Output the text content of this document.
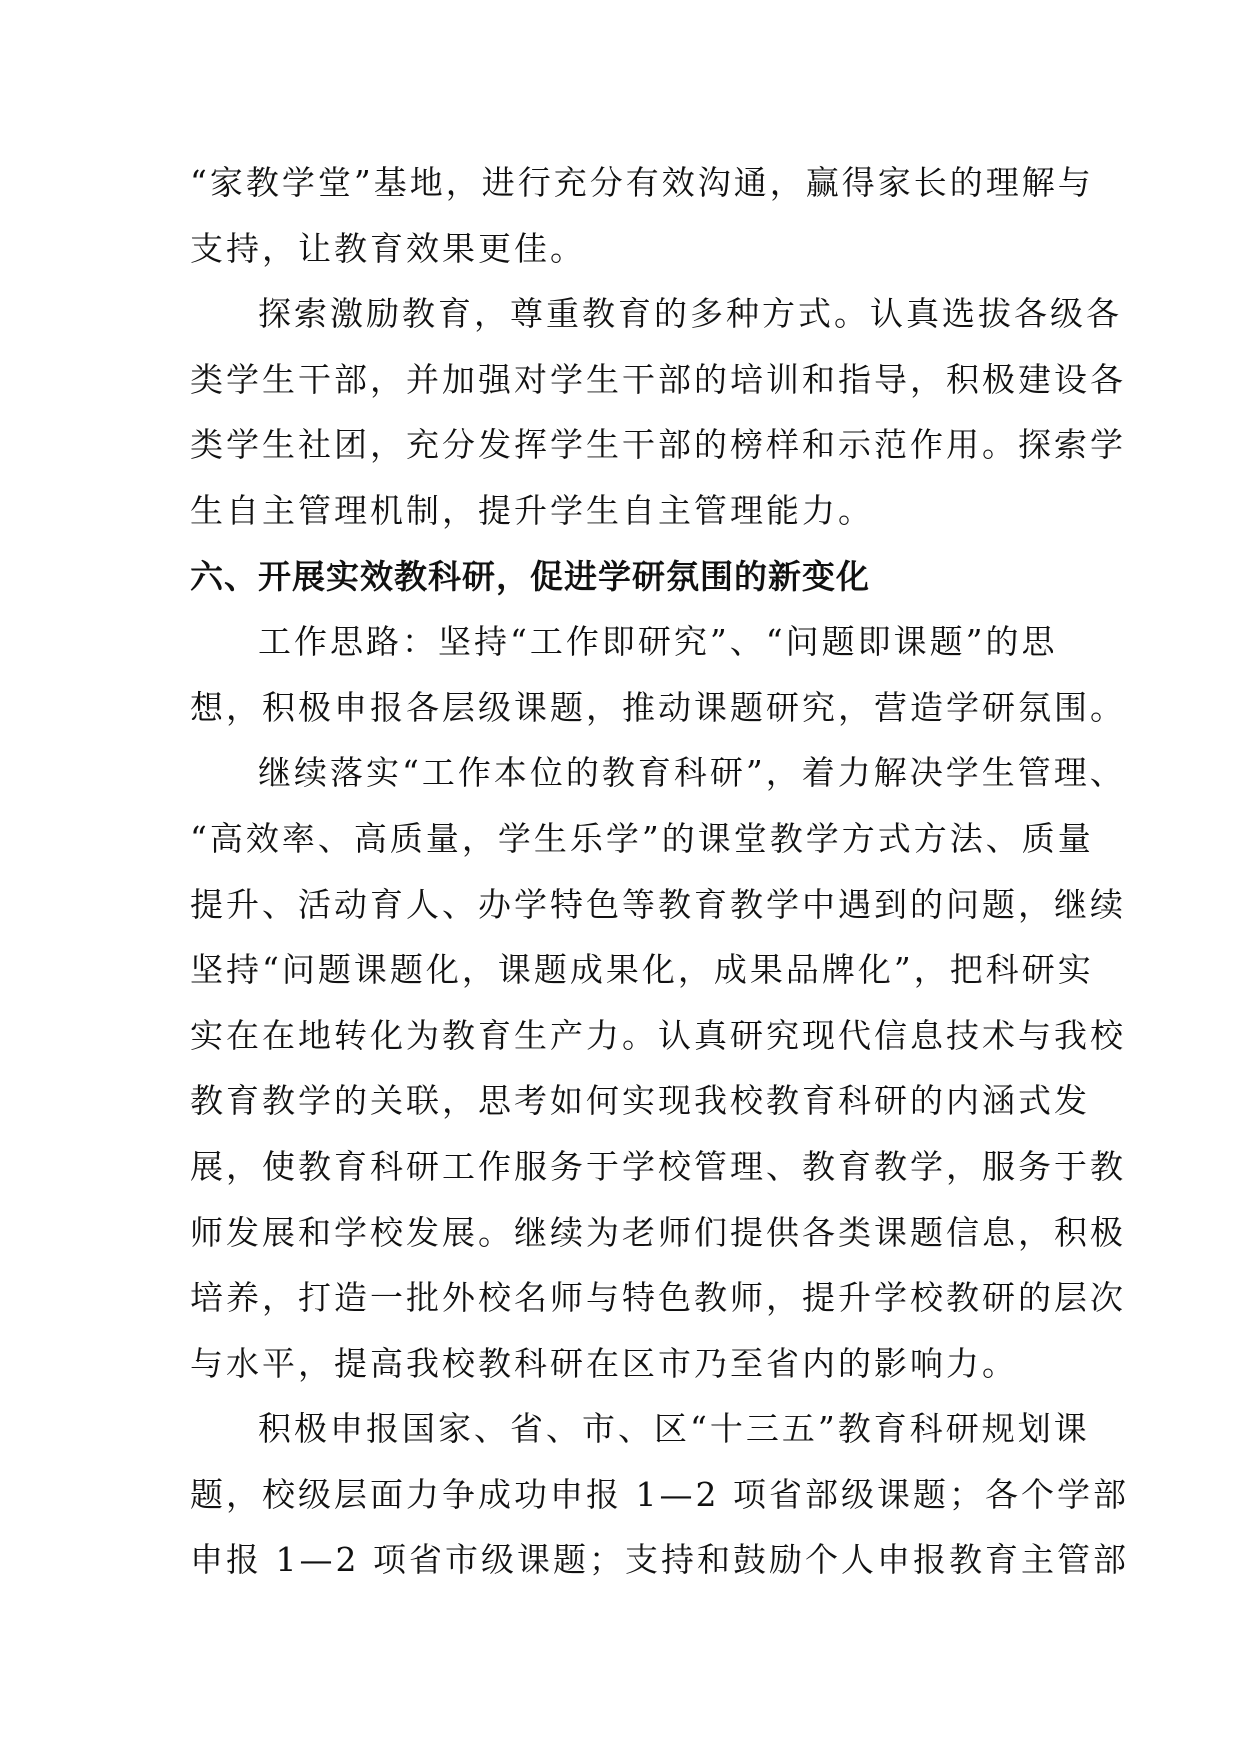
“家教学堂”基地，进行充分有效沟通，赢得家长的理解与
支持，让教育效果更佳。

探索激励教育，尊重教育的多种方式。认真选拔各级各
类学生干部，并加强对学生干部的培训和指导，积极建设各
类学生社团，充分发挥学生干部的榜样和示范作用。探索学
生自主管理机制，提升学生自主管理能力。

六、开展实效教科研，促进学研氛围的新变化

工作思路：坚持“工作即研究”、“问题即课题”的思
想，积极申报各层级课题，推动课题研究，营造学研氛围。

继续落实“工作本位的教育科研”，着力解决学生管理、
“高效率、高质量，学生乐学”的课堂教学方式方法、质量
提升、活动育人、办学特色等教育教学中遇到的问题，继续
坚持“问题课题化，课题成果化，成果品牌化”，把科研实
实在在地转化为教育生产力。认真研究现代信息技术与我校
教育教学的关联，思考如何实现我校教育科研的内涵式发
展，使教育科研工作服务于学校管理、教育教学，服务于教
师发展和学校发展。继续为老师们提供各类课题信息，积极
培养，打造一批外校名师与特色教师，提升学校教研的层次
与水平，提高我校教科研在区市乃至省内的影响力。

积极申报国家、省、市、区“十三五”教育科研规划课
题，校级层面力争成功申报 1—2 项省部级课题；各个学部
申报 1—2 项省市级课题；支持和鼓励个人申报教育主管部
